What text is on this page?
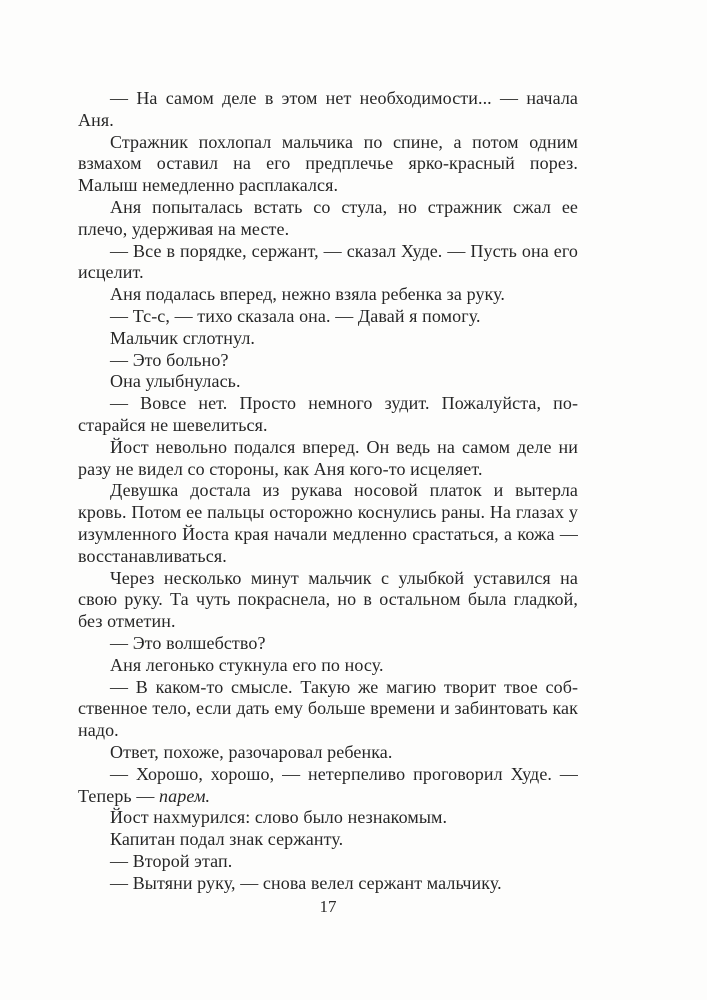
— На самом деле в этом нет необходимости... — начала Аня.

Стражник похлопал мальчика по спине, а потом одним взмахом оставил на его предплечье ярко-красный порез. Малыш немедленно расплакался.

Аня попыталась встать со стула, но стражник сжал ее плечо, удерживая на месте.

— Все в порядке, сержант, — сказал Худе. — Пусть она его исцелит.

Аня подалась вперед, нежно взяла ребенка за руку.

— Тс-с, — тихо сказала она. — Давай я помогу.

Мальчик сглотнул.

— Это больно?

Она улыбнулась.

— Вовсе нет. Просто немного зудит. Пожалуйста, постарайся не шевелиться.

Йост невольно подался вперед. Он ведь на самом деле ни разу не видел со стороны, как Аня кого-то исцеляет.

Девушка достала из рукава носовой платок и вытерла кровь. Потом ее пальцы осторожно коснулись раны. На глазах у изумленного Йоста края начали медленно срастаться, а кожа — восстанавливаться.

Через несколько минут мальчик с улыбкой уставился на свою руку. Та чуть покраснела, но в остальном была гладкой, без отметин.

— Это волшебство?

Аня легонько стукнула его по носу.

— В каком-то смысле. Такую же магию творит твое собственное тело, если дать ему больше времени и забинтовать как надо.

Ответ, похоже, разочаровал ребенка.

— Хорошо, хорошо, — нетерпеливо проговорил Худе. — Теперь — парем.

Йост нахмурился: слово было незнакомым.

Капитан подал знак сержанту.

— Второй этап.

— Вытяни руку, — снова велел сержант мальчику.

17
